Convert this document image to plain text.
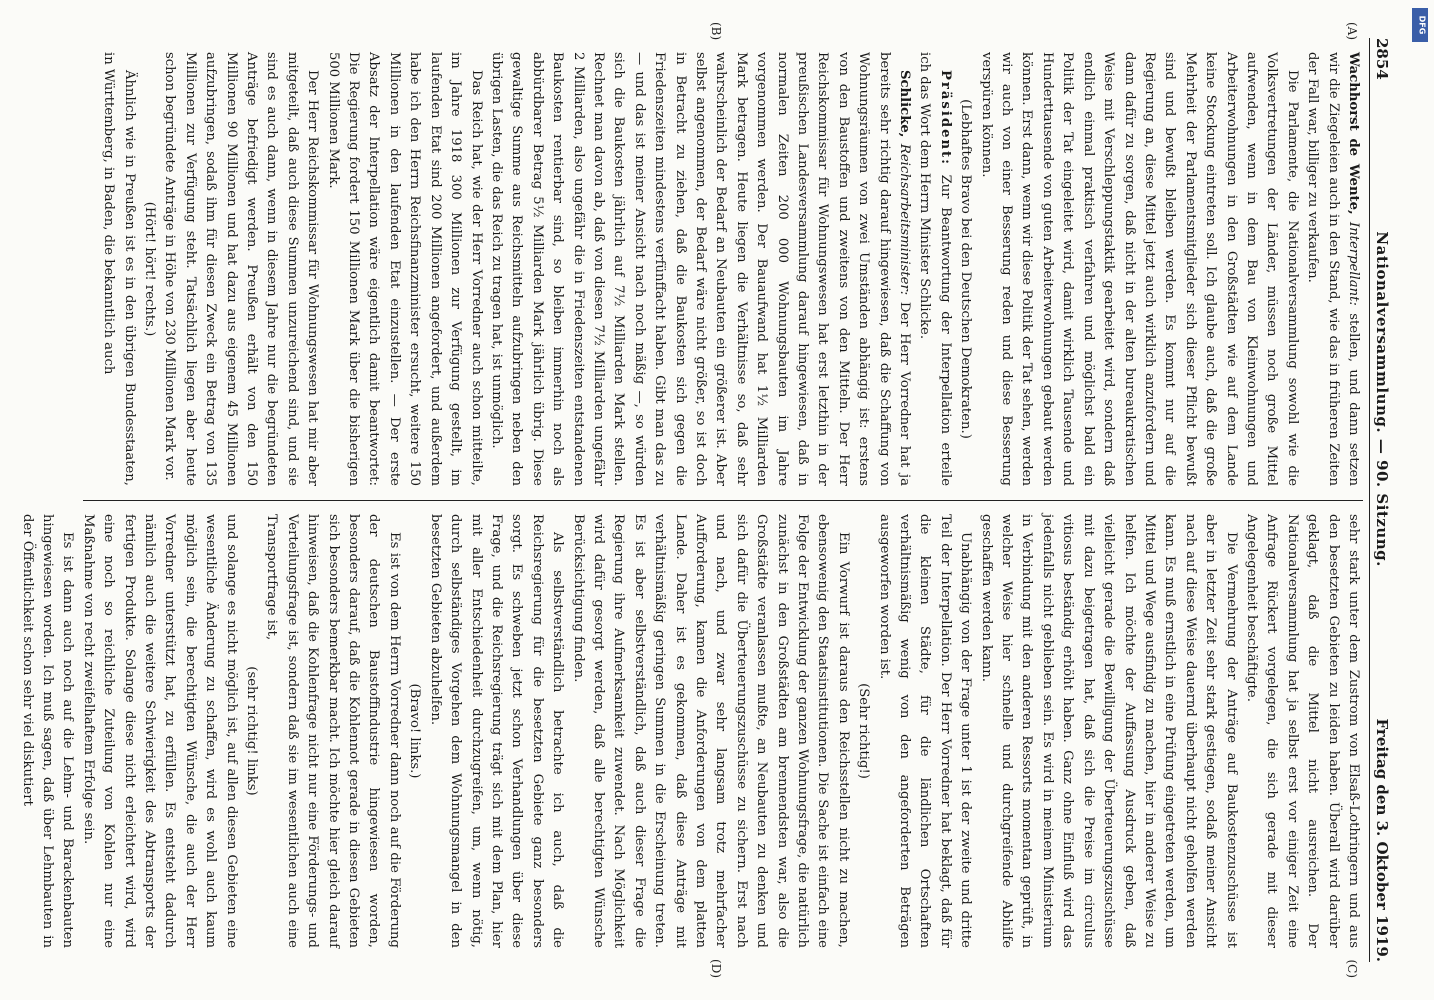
2854
Nationalversammlung. — 90. Sitzung.
Freitag den 3. Oktober 1919.
(A)
(B)
(C)
(D)

Wachhorst de Wente, Interpellant: stellen, und dann setzen wir die Ziegeleien auch in den Stand, wie das in früheren Zeiten der Fall war, billiger zu verkaufen.

Die Parlamente, die Nationalversammlung sowohl wie die Volksvertretungen der Länder, müssen noch große Mittel aufwenden, wenn in dem Bau von Kleinwohnungen und Arbeiterwohnungen in den Großstädten wie auf dem Lande keine Stockung eintreten soll. Ich glaube auch, daß die große Mehrheit der Parlamentsmitglieder sich dieser Pflicht bewußt sind und bewußt bleiben werden. Es kommt nur auf die Regierung an, diese Mittel jetzt auch wirklich anzufordern und dann dafür zu sorgen, daß nicht in der alten bureaukratischen Weise mit Verschleppungstaktik gearbeitet wird, sondern daß endlich einmal praktisch verfahren und möglichst bald ein Politik der Tat eingeleitet wird, damit wirklich Tausende und Hunderttausende von guten Arbeiterwohnungen gebaut werden können. Erst dann, wenn wir diese Politik der Tat sehen, werden wir auch von einer Besserung reden und diese Besserung verspüren können.

(Lebhaftes Bravo bei den Deutschen Demokraten.)

Präsident: Zur Beantwortung der Interpellation erteile ich das Wort dem Herrn Minister Schlicke.

Schlicke, Reichsarbeitsminister: Der Herr Vorredner hat ja bereits sehr richtig darauf hingewiesen, daß die Schaffung von Wohnungsräumen von zwei Umständen abhängig ist: erstens von den Baustoffen und zweitens von den Mitteln. Der Herr Reichskommissar für Wohnungswesen hat erst letzthin in der preußischen Landesversammlung darauf hingewiesen, daß in normalen Zeiten 200 000 Wohnungsbauten im Jahre vorgenommen werden. Der Bauaufwand hat 1½ Milliarden Mark betragen. Heute liegen die Verhältnisse so, daß sehr wahrscheinlich der Bedarf an Neubauten ein größerer ist. Aber selbst angenommen, der Bedarf wäre nicht größer, so ist doch in Betracht zu ziehen, daß die Baukosten sich gegen die Friedenszeiten mindestens verfünffacht haben. Gibt man das zu — und das ist meiner Ansicht nach noch mäßig —, so würden sich die Baukosten jährlich auf 7½ Milliarden Mark stellen. Rechnet man davon ab, daß von diesen 7½ Milliarden ungefähr 2 Milliarden, also ungefähr die in Friedenszeiten entstandenen Baukosten rentierbar sind, so bleiben immerhin noch als abbürdbarer Betrag 5½ Milliarden Mark jährlich übrig. Diese gewaltige Summe aus Reichsmitteln aufzubringen neben den übrigen Lasten, die das Reich zu tragen hat, ist unmöglich.

Das Reich hat, wie der Herr Vorredner auch schon mitteilte, im Jahre 1918 300 Millionen zur Verfügung gestellt, im laufenden Etat sind 200 Millionen angefordert, und außerdem habe ich den Herrn Reichsfinanzminister ersucht, weitere 150 Millionen in den laufenden Etat einzustellen. — Der erste Absatz der Interpellation wäre eigentlich damit beantwortet: Die Regierung fordert 150 Millionen Mark über die bisherigen 500 Millionen Mark.

Der Herr Reichskommissar für Wohnungswesen hat mir aber mitgeteilt, daß auch diese Summen unzureichend sind, und sie sind es auch dann, wenn in diesem Jahre nur die begründeten Anträge befriedigt werden. Preußen erhält von den 150 Millionen 90 Millionen und hat dazu aus eigenem 45 Millionen aufzubringen, sodaß ihm für diesen Zweck ein Betrag von 135 Millionen zur Verfügung steht. Tatsächlich liegen aber heute schon begründete Anträge in Höhe von 230 Millionen Mark vor.

(Hört! hört! rechts.)

Ähnlich wie in Preußen ist es in den übrigen Bundesstaaten, in Württemberg, in Baden, die bekanntlich auch

sehr stark unter dem Zustrom von Elsaß-Lothringern und aus den besetzten Gebieten zu leiden haben. Überall wird darüber geklagt, daß die Mittel nicht ausreichen. Der Nationalversammlung hat ja selbst erst vor einiger Zeit eine Anfrage Rückert vorgelegen, die sich gerade mit dieser Angelegenheit beschäftigte.

Die Vermehrung der Anträge auf Baukostenzuschüsse ist aber in letzter Zeit sehr stark gestiegen, sodaß meiner Ansicht nach auf diese Weise dauernd überhaupt nicht geholfen werden kann. Es muß ernstlich in eine Prüfung eingetreten werden, um Mittel und Wege ausfindig zu machen, hier in anderer Weise zu helfen. Ich möchte der Auffassung Ausdruck geben, daß vielleicht gerade die Bewilligung der Überteuerungszuschüsse mit dazu beigetragen hat, daß sich die Preise im circulus vitiosus beständig erhöht haben. Ganz ohne Einfluß wird das jedenfalls nicht geblieben sein. Es wird in meinem Ministerium in Verbindung mit den anderen Ressorts momentan geprüft, in welcher Weise hier schnelle und durchgreifende Abhilfe geschaffen werden kann.

Unabhängig von der Frage unter 1 ist der zweite und dritte Teil der Interpellation. Der Herr Vorredner hat beklagt, daß für die kleinen Städte, für die ländlichen Ortschaften verhältnismäßig wenig von den angeforderten Beträgen ausgeworfen worden ist.

(Sehr richtig!)

Ein Vorwurf ist daraus den Reichsstellen nicht zu machen, ebensowenig den Staatsinstitutionen. Die Sache ist einfach eine Folge der Entwicklung der ganzen Wohnungsfrage, die natürlich zunächst in den Großstädten am brennendsten war, also die Großstädte veranlassen mußte, an Neubauten zu denken und sich dafür die Überteuerungszuschüsse zu sichern. Erst nach und nach, und zwar sehr langsam trotz mehrfacher Aufforderung, kamen die Anforderungen von dem platten Lande. Daher ist es gekommen, daß diese Anträge mit verhältnismäßig geringen Summen in die Erscheinung treten. Es ist aber selbstverständlich, daß auch dieser Frage die Regierung ihre Aufmerksamkeit zuwendet. Nach Möglichkeit wird dafür gesorgt werden, daß alle berechtigten Wünsche Berücksichtigung finden.

Als selbstverständlich betrachte ich auch, daß die Reichsregierung für die besetzten Gebiete ganz besonders sorgt. Es schweben jetzt schon Verhandlungen über diese Frage, und die Reichsregierung trägt sich mit dem Plan, hier mit aller Entschiedenheit durchzugreifen, um, wenn nötig, durch selbständiges Vorgehen dem Wohnungsmangel in den besetzten Gebieten abzuhelfen.

(Bravo! links.)

Es ist von dem Herrn Vorredner dann noch auf die Förderung der deutschen Baustoffindustrie hingewiesen worden, besonders darauf, daß die Kohlennot gerade in diesen Gebieten sich besonders bemerkbar macht. Ich möchte hier gleich darauf hinweisen, daß die Kohlenfrage nicht nur eine Förderungs- und Verteilungsfrage ist, sondern daß sie im wesentlichen auch eine Transportfrage ist,

(sehr richtig! links)

und solange es nicht möglich ist, auf allen diesen Gebieten eine wesentliche Änderung zu schaffen, wird es wohl auch kaum möglich sein, die berechtigten Wünsche, die auch der Herr Vorredner unterstützt hat, zu erfüllen. Es entsteht dadurch nämlich auch die weitere Schwierigkeit des Abtransports der fertigen Produkte. Solange diese nicht erleichtert wird, wird eine noch so reichliche Zuteilung von Kohlen nur eine Maßnahme von recht zweifelhaftem Erfolge sein.

Es ist dann auch noch auf die Lehm- und Barackenbauten hingewiesen worden. Ich muß sagen, daß über Lehmbauten in der Öffentlichkeit schon sehr viel diskutiert

DFG
